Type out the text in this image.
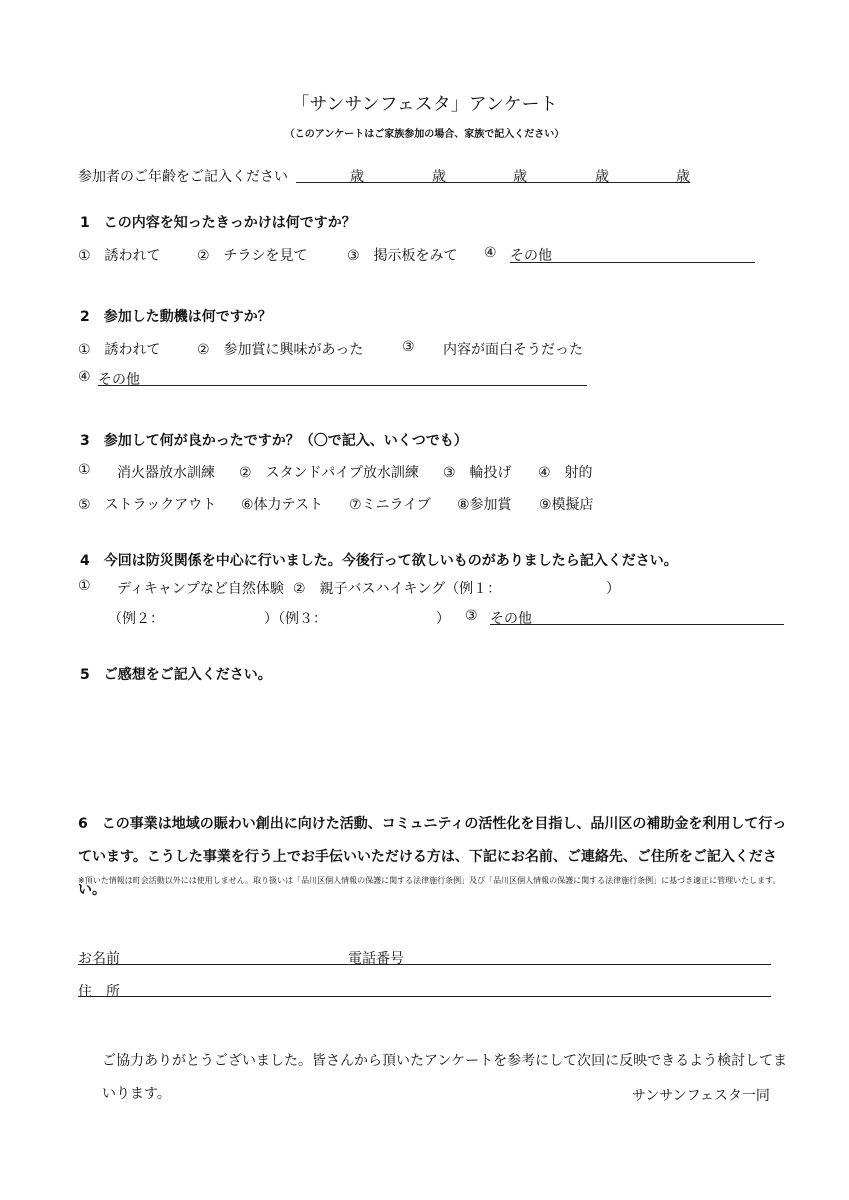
「サンサンフェスタ」アンケート
（このアンケートはご家族参加の場合、家族で記入ください）
参加者のご年齢をご記入ください	歳	歳	歳	歳	歳
1　この内容を知ったきっかけは何ですか？
①　誘われて	②　チラシを見て	③　掲示板をみて ④ その他
2　参加した動機は何ですか？
①　誘われて	②　参加賞に興味があった	③ 内容が面白そうだった
④ その他
3　参加して何が良かったですか？（〇で記入、いくつでも）
① 消火器放水訓練 ②　スタンドパイプ放水訓練 ③　輪投げ ④　射的
⑤　ストラックアウト ⑥体力テスト ⑦ミニライブ ⑧参加賞 ⑨模擬店
4　今回は防災関係を中心に行いました。今後行って欲しいものがありましたら記入ください。
① ディキャンプなど自然体験 ②　親子バスハイキング（例１：	）
（例２：	）（例３：	） ③ その他
5　ご感想をご記入ください。
6　この事業は地域の賑わい創出に向けた活動、コミュニティの活性化を目指し、品川区の補助金を利用して行っています。こうした事業を行う上でお手伝いいただける方は、下記にお名前、ご連絡先、ご住所をご記入ください。
※頂いた情報は町会活動以外には使用しません。取り扱いは「品川区個人情報の保護に関する法律施行条例」及び「品川区個人情報の保護に関する法律施行条例」に基づき適正に管理いたします。
お名前	電話番号
住　所
ご協力ありがとうございました。皆さんから頂いたアンケートを参考にして次回に反映できるよう検討してまいります。	サンサンフェスタ一同
